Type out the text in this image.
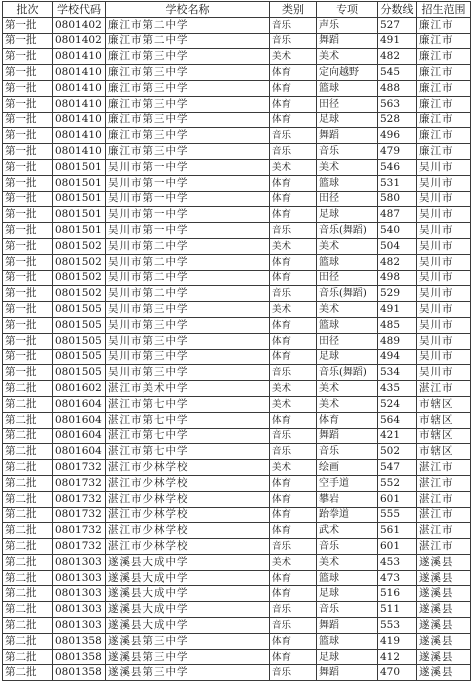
批次	学校代码	学校名称	类别	专项	分数线	招生范围
第一批	0801402	廉江市第二中学	音乐	声乐	527	廉江市
第一批	0801402	廉江市第二中学	音乐	舞蹈	491	廉江市
第一批	0801410	廉江市第三中学	美术	美术	482	廉江市
第一批	0801410	廉江市第三中学	体育	定向越野	545	廉江市
第一批	0801410	廉江市第三中学	体育	篮球	488	廉江市
第一批	0801410	廉江市第三中学	体育	田径	563	廉江市
第一批	0801410	廉江市第三中学	体育	足球	528	廉江市
第一批	0801410	廉江市第三中学	音乐	舞蹈	496	廉江市
第一批	0801410	廉江市第三中学	音乐	音乐	479	廉江市
第一批	0801501	吴川市第一中学	美术	美术	546	吴川市
第一批	0801501	吴川市第一中学	体育	篮球	531	吴川市
第一批	0801501	吴川市第一中学	体育	田径	580	吴川市
第一批	0801501	吴川市第一中学	体育	足球	487	吴川市
第一批	0801501	吴川市第一中学	音乐	音乐(舞蹈)	540	吴川市
第一批	0801502	吴川市第二中学	美术	美术	504	吴川市
第一批	0801502	吴川市第二中学	体育	篮球	482	吴川市
第一批	0801502	吴川市第二中学	体育	田径	498	吴川市
第一批	0801502	吴川市第二中学	音乐	音乐(舞蹈)	529	吴川市
第一批	0801505	吴川市第三中学	美术	美术	491	吴川市
第一批	0801505	吴川市第三中学	体育	篮球	485	吴川市
第一批	0801505	吴川市第三中学	体育	田径	489	吴川市
第一批	0801505	吴川市第三中学	体育	足球	494	吴川市
第一批	0801505	吴川市第三中学	音乐	音乐(舞蹈)	534	吴川市
第二批	0801602	湛江市美术中学	美术	美术	435	湛江市
第二批	0801604	湛江市第七中学	美术	美术	524	市辖区
第二批	0801604	湛江市第七中学	体育	体育	564	市辖区
第二批	0801604	湛江市第七中学	音乐	舞蹈	421	市辖区
第二批	0801604	湛江市第七中学	音乐	音乐	502	市辖区
第二批	0801732	湛江市少林学校	美术	绘画	547	湛江市
第二批	0801732	湛江市少林学校	体育	空手道	552	湛江市
第二批	0801732	湛江市少林学校	体育	攀岩	601	湛江市
第二批	0801732	湛江市少林学校	体育	跆拳道	555	湛江市
第二批	0801732	湛江市少林学校	体育	武术	561	湛江市
第二批	0801732	湛江市少林学校	音乐	音乐	601	湛江市
第二批	0801303	遂溪县大成中学	美术	美术	453	遂溪县
第二批	0801303	遂溪县大成中学	体育	篮球	473	遂溪县
第二批	0801303	遂溪县大成中学	体育	足球	516	遂溪县
第二批	0801303	遂溪县大成中学	音乐	音乐	511	遂溪县
第二批	0801303	遂溪县大成中学	音乐	舞蹈	553	遂溪县
第二批	0801358	遂溪县第三中学	体育	篮球	419	遂溪县
第二批	0801358	遂溪县第三中学	体育	足球	412	遂溪县
第二批	0801358	遂溪县第三中学	音乐	舞蹈	470	遂溪县
